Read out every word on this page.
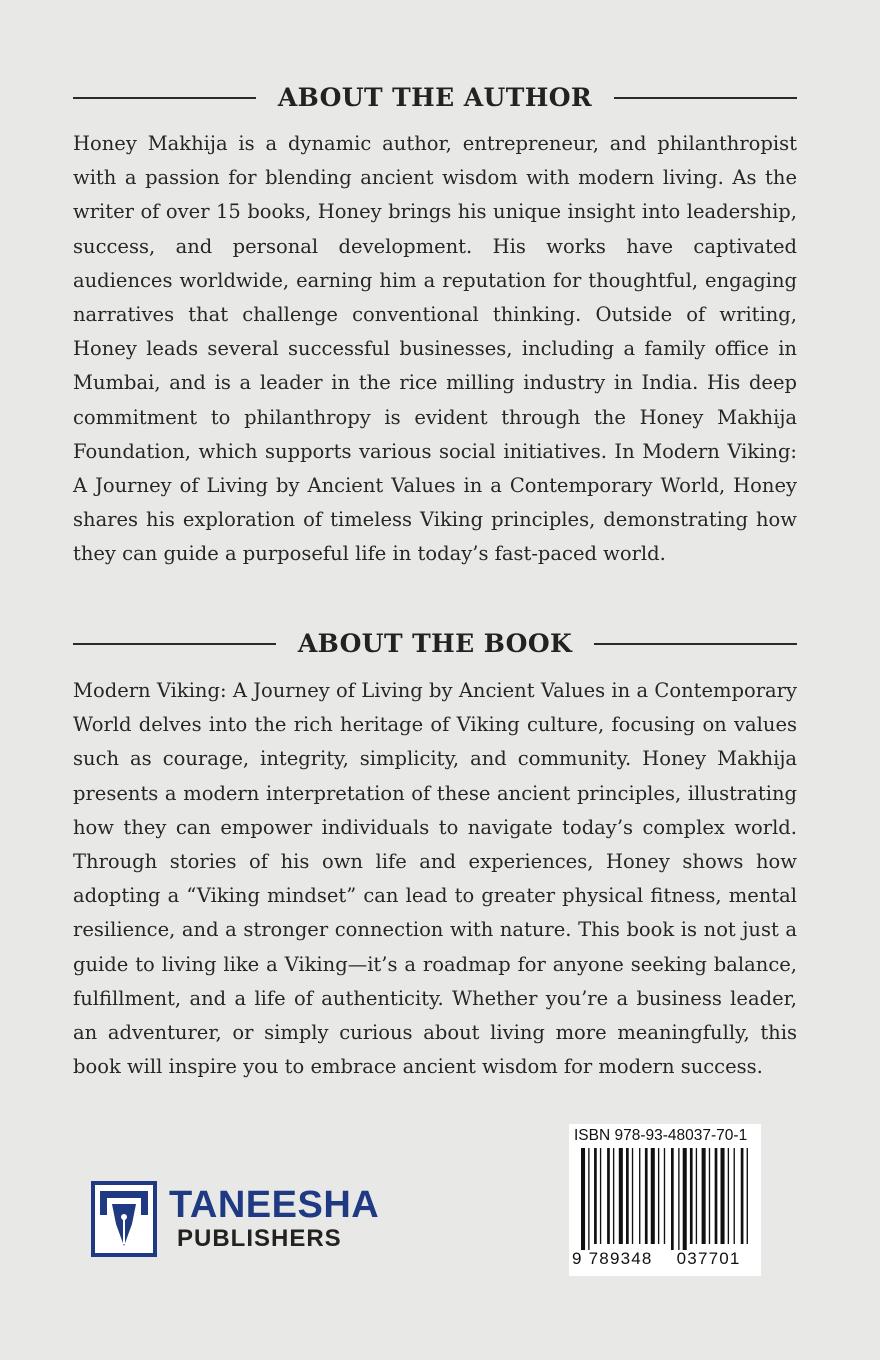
ABOUT THE AUTHOR

Honey Makhija is a dynamic author, entrepreneur, and philanthropist with a passion for blending ancient wisdom with modern living. As the writer of over 15 books, Honey brings his unique insight into leadership, success, and personal development. His works have captivated audiences worldwide, earning him a reputation for thoughtful, engaging narratives that challenge conventional thinking. Outside of writing, Honey leads several successful businesses, including a family office in Mumbai, and is a leader in the rice milling industry in India. His deep commitment to philanthropy is evident through the Honey Makhija Foundation, which supports various social initiatives. In Modern Viking: A Journey of Living by Ancient Values in a Contemporary World, Honey shares his exploration of timeless Viking principles, demonstrating how they can guide a purposeful life in today’s fast-paced world.

ABOUT THE BOOK

Modern Viking: A Journey of Living by Ancient Values in a Contemporary World delves into the rich heritage of Viking culture, focusing on values such as courage, integrity, simplicity, and community. Honey Makhija presents a modern interpretation of these ancient principles, illustrating how they can empower individuals to navigate today’s complex world. Through stories of his own life and experiences, Honey shows how adopting a “Viking mindset” can lead to greater physical fitness, mental resilience, and a stronger connection with nature. This book is not just a guide to living like a Viking—it’s a roadmap for anyone seeking balance, fulfillment, and a life of authenticity. Whether you’re a business leader, an adventurer, or simply curious about living more meaningfully, this book will inspire you to embrace ancient wisdom for modern success.

TANEESHA
PUBLISHERS
ISBN 978-93-48037-70-1
9 789348	037701
